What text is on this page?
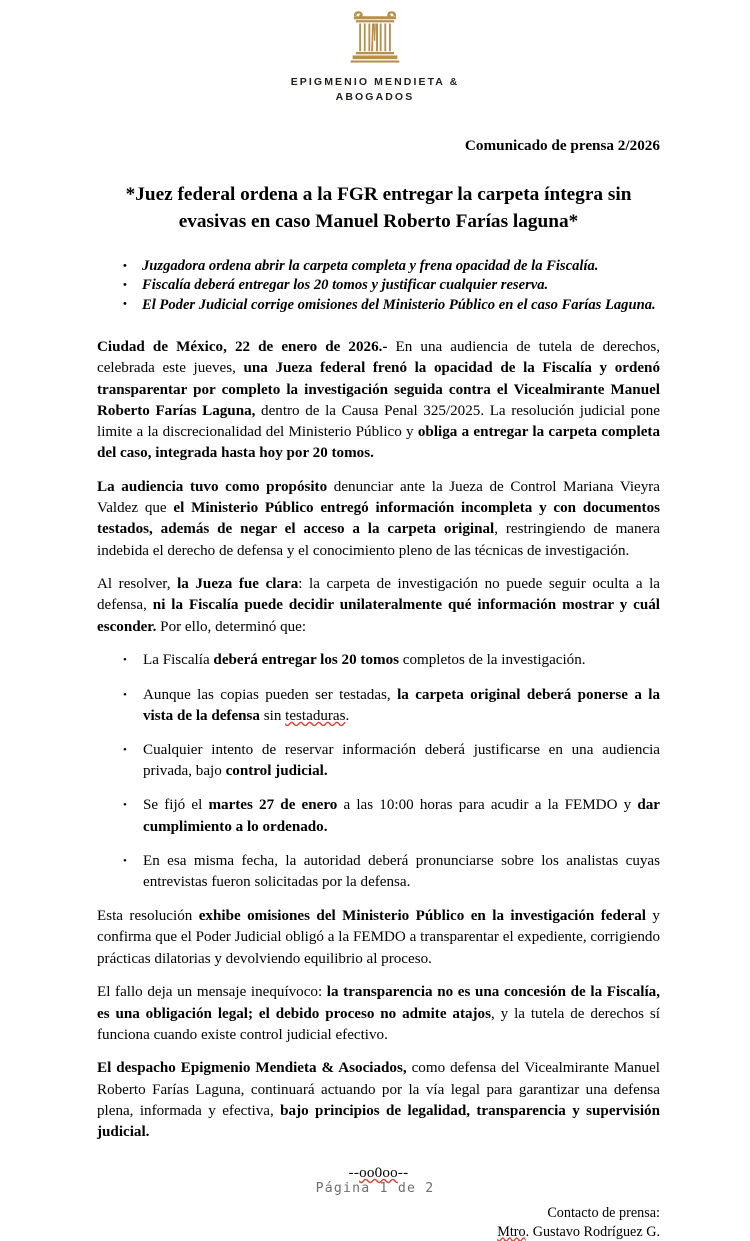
EPIGMENIO MENDIETA &
ABOGADOS
Comunicado de prensa 2/2026
*Juez federal ordena a la FGR entregar la carpeta íntegra sin evasivas en caso Manuel Roberto Farías laguna*
• Juzgadora ordena abrir la carpeta completa y frena opacidad de la Fiscalía.
• Fiscalía deberá entregar los 20 tomos y justificar cualquier reserva.
• El Poder Judicial corrige omisiones del Ministerio Público en el caso Farías Laguna.

Ciudad de México, 22 de enero de 2026.- En una audiencia de tutela de derechos, celebrada este jueves, una Jueza federal frenó la opacidad de la Fiscalía y ordenó transparentar por completo la investigación seguida contra el Vicealmirante Manuel Roberto Farías Laguna, dentro de la Causa Penal 325/2025. La resolución judicial pone limite a la discrecionalidad del Ministerio Público y obliga a entregar la carpeta completa del caso, integrada hasta hoy por 20 tomos.

La audiencia tuvo como propósito denunciar ante la Jueza de Control Mariana Vieyra Valdez que el Ministerio Público entregó información incompleta y con documentos testados, además de negar el acceso a la carpeta original, restringiendo de manera indebida el derecho de defensa y el conocimiento pleno de las técnicas de investigación.

Al resolver, la Jueza fue clara: la carpeta de investigación no puede seguir oculta a la defensa, ni la Fiscalía puede decidir unilateralmente qué información mostrar y cuál esconder. Por ello, determinó que:

• La Fiscalía deberá entregar los 20 tomos completos de la investigación.
• Aunque las copias pueden ser testadas, la carpeta original deberá ponerse a la vista de la defensa sin testaduras.
• Cualquier intento de reservar información deberá justificarse en una audiencia privada, bajo control judicial.
• Se fijó el martes 27 de enero a las 10:00 horas para acudir a la FEMDO y dar cumplimiento a lo ordenado.
• En esa misma fecha, la autoridad deberá pronunciarse sobre los analistas cuyas entrevistas fueron solicitadas por la defensa.

Esta resolución exhibe omisiones del Ministerio Público en la investigación federal y confirma que el Poder Judicial obligó a la FEMDO a transparentar el expediente, corrigiendo prácticas dilatorias y devolviendo equilibrio al proceso.

El fallo deja un mensaje inequívoco: la transparencia no es una concesión de la Fiscalía, es una obligación legal; el debido proceso no admite atajos, y la tutela de derechos sí funciona cuando existe control judicial efectivo.

El despacho Epigmenio Mendieta & Asociados, como defensa del Vicealmirante Manuel Roberto Farías Laguna, continuará actuando por la vía legal para garantizar una defensa plena, informada y efectiva, bajo principios de legalidad, transparencia y supervisión judicial.

--oo0oo--
Contacto de prensa:
Mtro. Gustavo Rodríguez G.
Página 1 de 2
